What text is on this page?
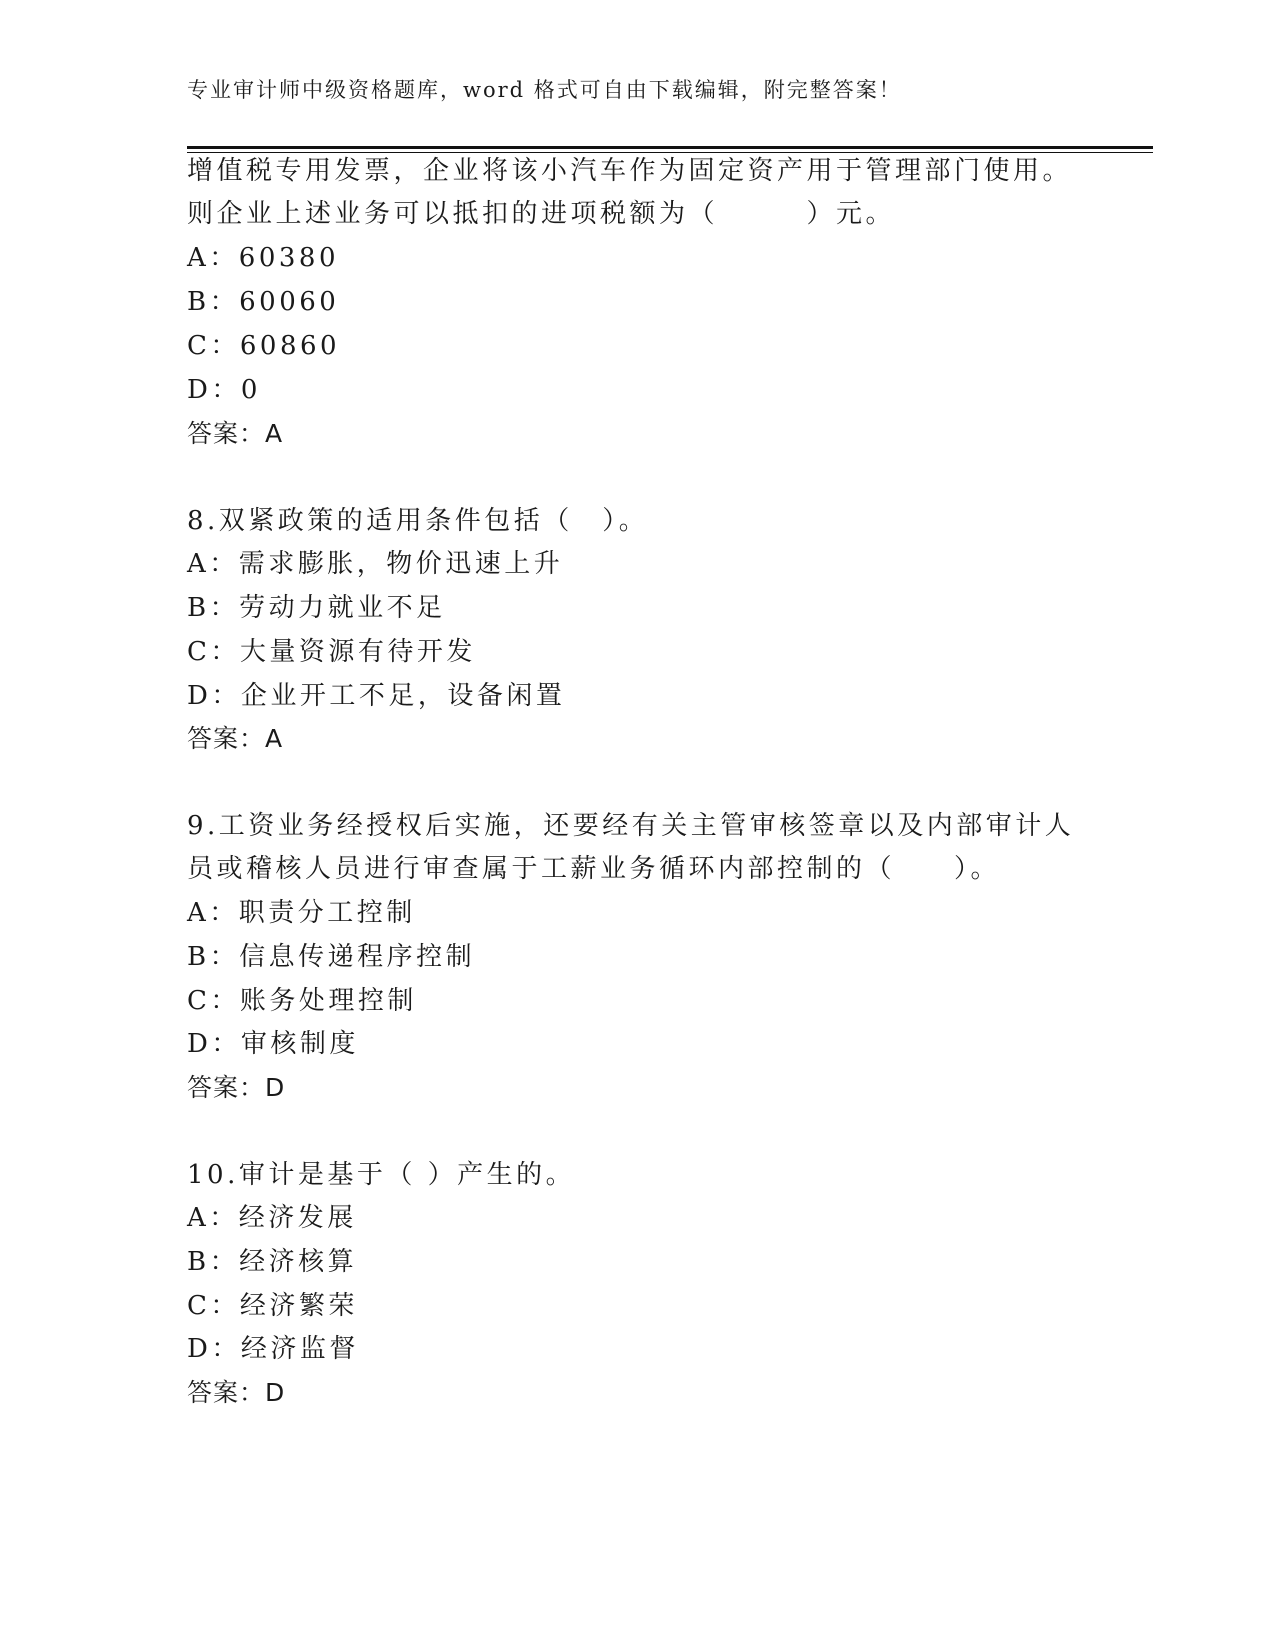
专业审计师中级资格题库，word 格式可自由下载编辑，附完整答案！
增值税专用发票，企业将该小汽车作为固定资产用于管理部门使用。
则企业上述业务可以抵扣的进项税额为（　　　）元。
A：60380
B：60060
C：60860
D：0
答案：A
8.双紧政策的适用条件包括（　）。
A：需求膨胀，物价迅速上升
B：劳动力就业不足
C：大量资源有待开发
D：企业开工不足，设备闲置
答案：A
9.工资业务经授权后实施，还要经有关主管审核签章以及内部审计人
员或稽核人员进行审查属于工薪业务循环内部控制的（　　）。
A：职责分工控制
B：信息传递程序控制
C：账务处理控制
D：审核制度
答案：D
10.审计是基于（ ）产生的。
A：经济发展
B：经济核算
C：经济繁荣
D：经济监督
答案：D
